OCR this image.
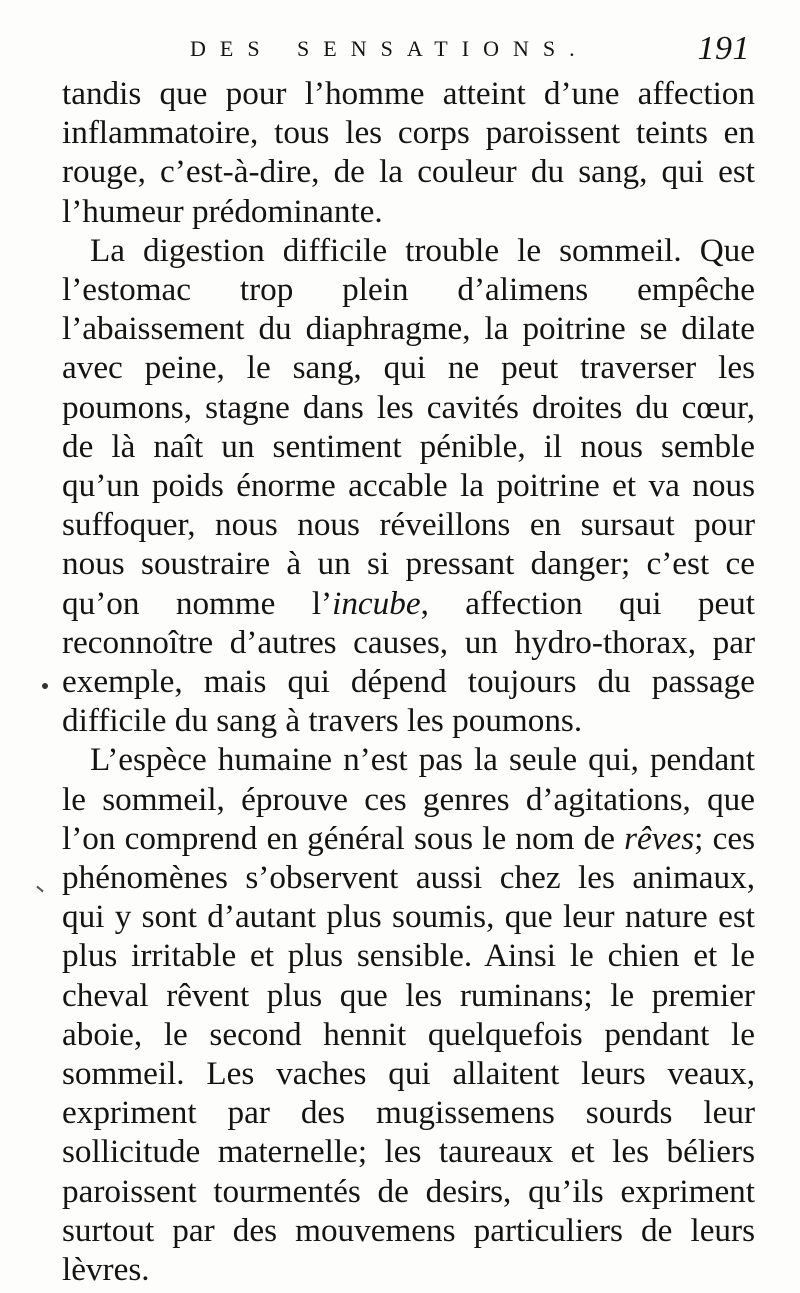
DES SENSATIONS.	191

tandis que pour l’homme atteint d’une affection inflammatoire, tous les corps paroissent teints en rouge, c’est-à-dire, de la couleur du sang, qui est l’humeur prédominante.

La digestion difficile trouble le sommeil. Que l’estomac trop plein d’alimens empêche l’abaissement du diaphragme, la poitrine se dilate avec peine, le sang, qui ne peut traverser les poumons, stagne dans les cavités droites du cœur, de là naît un sentiment pénible, il nous semble qu’un poids énorme accable la poitrine et va nous suffoquer, nous nous réveillons en sursaut pour nous soustraire à un si pressant danger; c’est ce qu’on nomme l’incube, affection qui peut reconnoître d’autres causes, un hydro-thorax, par exemple, mais qui dépend toujours du passage difficile du sang à travers les poumons.

L’espèce humaine n’est pas la seule qui, pendant le sommeil, éprouve ces genres d’agitations, que l’on comprend en général sous le nom de rêves; ces phénomènes s’observent aussi chez les animaux, qui y sont d’autant plus soumis, que leur nature est plus irritable et plus sensible. Ainsi le chien et le cheval rêvent plus que les ruminans; le premier aboie, le second hennit quelquefois pendant le sommeil. Les vaches qui allaitent leurs veaux, expriment par des mugissemens sourds leur sollicitude maternelle; les taureaux et les béliers paroissent tourmentés de desirs, qu’ils expriment surtout par des mouvemens particuliers de leurs lèvres.
